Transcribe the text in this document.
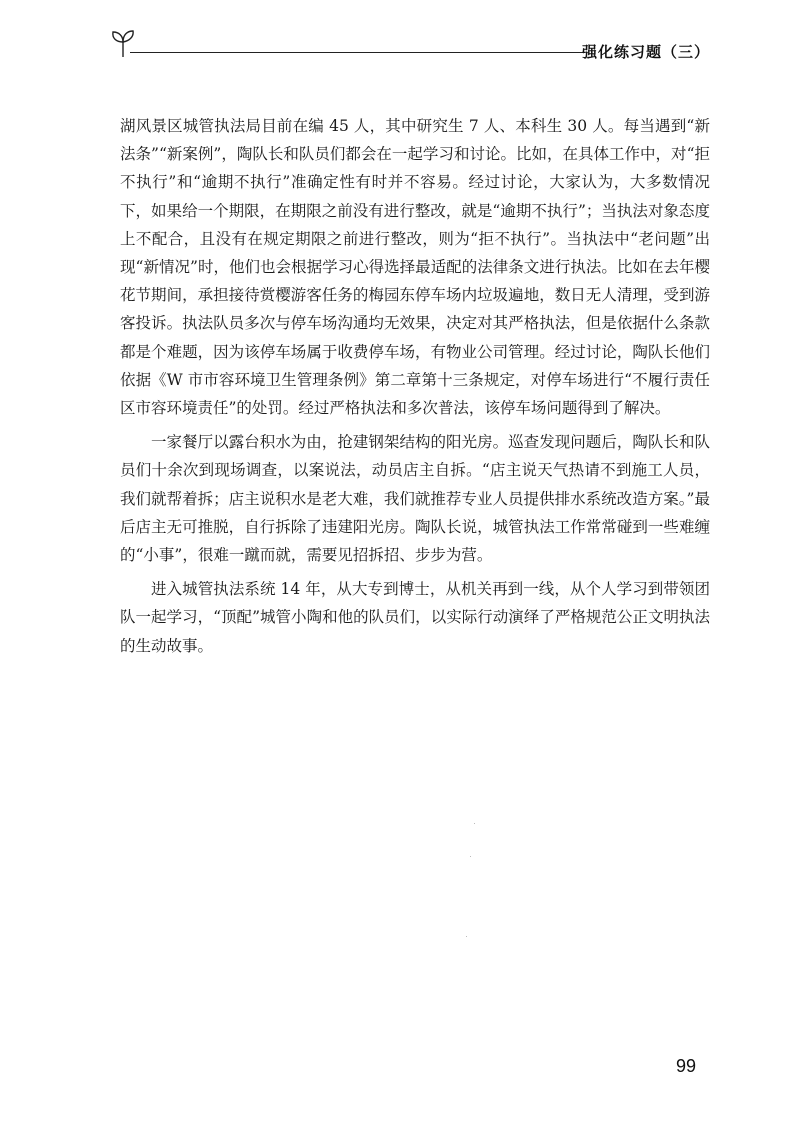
强化练习题（三）

湖风景区城管执法局目前在编 45 人，其中研究生 7 人、本科生 30 人。每当遇到“新法条”“新案例”，陶队长和队员们都会在一起学习和讨论。比如，在具体工作中，对“拒不执行”和“逾期不执行”准确定性有时并不容易。经过讨论，大家认为，大多数情况下，如果给一个期限，在期限之前没有进行整改，就是“逾期不执行”；当执法对象态度上不配合，且没有在规定期限之前进行整改，则为“拒不执行”。当执法中“老问题”出现“新情况”时，他们也会根据学习心得选择最适配的法律条文进行执法。比如在去年樱花节期间，承担接待赏樱游客任务的梅园东停车场内垃圾遍地，数日无人清理，受到游客投诉。执法队员多次与停车场沟通均无效果，决定对其严格执法，但是依据什么条款都是个难题，因为该停车场属于收费停车场，有物业公司管理。经过讨论，陶队长他们依据《W 市市容环境卫生管理条例》第二章第十三条规定，对停车场进行“不履行责任区市容环境责任”的处罚。经过严格执法和多次普法，该停车场问题得到了解决。

一家餐厅以露台积水为由，抢建钢架结构的阳光房。巡查发现问题后，陶队长和队员们十余次到现场调查，以案说法，动员店主自拆。“店主说天气热请不到施工人员，我们就帮着拆；店主说积水是老大难，我们就推荐专业人员提供排水系统改造方案。”最后店主无可推脱，自行拆除了违建阳光房。陶队长说，城管执法工作常常碰到一些难缠的“小事”，很难一蹴而就，需要见招拆招、步步为营。

进入城管执法系统 14 年，从大专到博士，从机关再到一线，从个人学习到带领团队一起学习，“顶配”城管小陶和他的队员们，以实际行动演绎了严格规范公正文明执法的生动故事。

99
